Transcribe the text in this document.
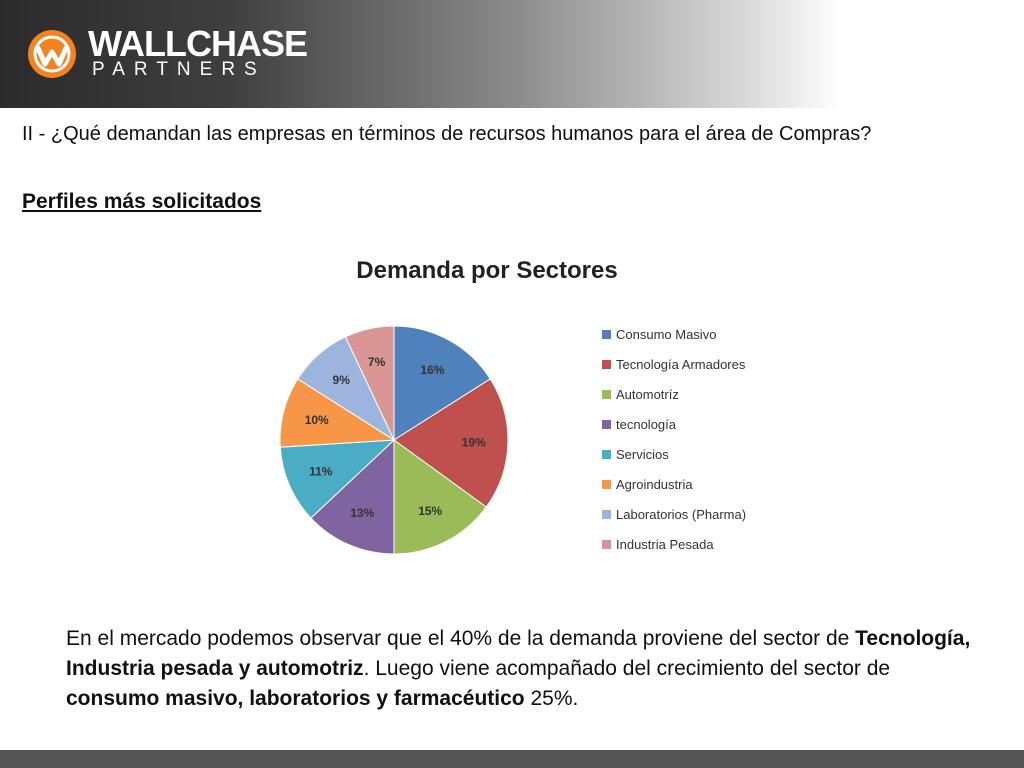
WALLCHASE
PARTNERS
II - ¿Qué demandan las empresas en términos de recursos humanos para el área de Compras?
Perfiles más solicitados
Demanda por Sectores
16%
19%
15%
13%
11%
10%
9%
7%
Consumo Masivo
Tecnología Armadores
Automotríz
tecnología
Servicios
Agroindustria
Laboratorios (Pharma)
Industria Pesada
En el mercado podemos observar que el 40% de la demanda proviene del sector de Tecnología, Industria pesada y automotriz. Luego viene acompañado del crecimiento del sector de consumo masivo, laboratorios y farmacéutico 25%.
